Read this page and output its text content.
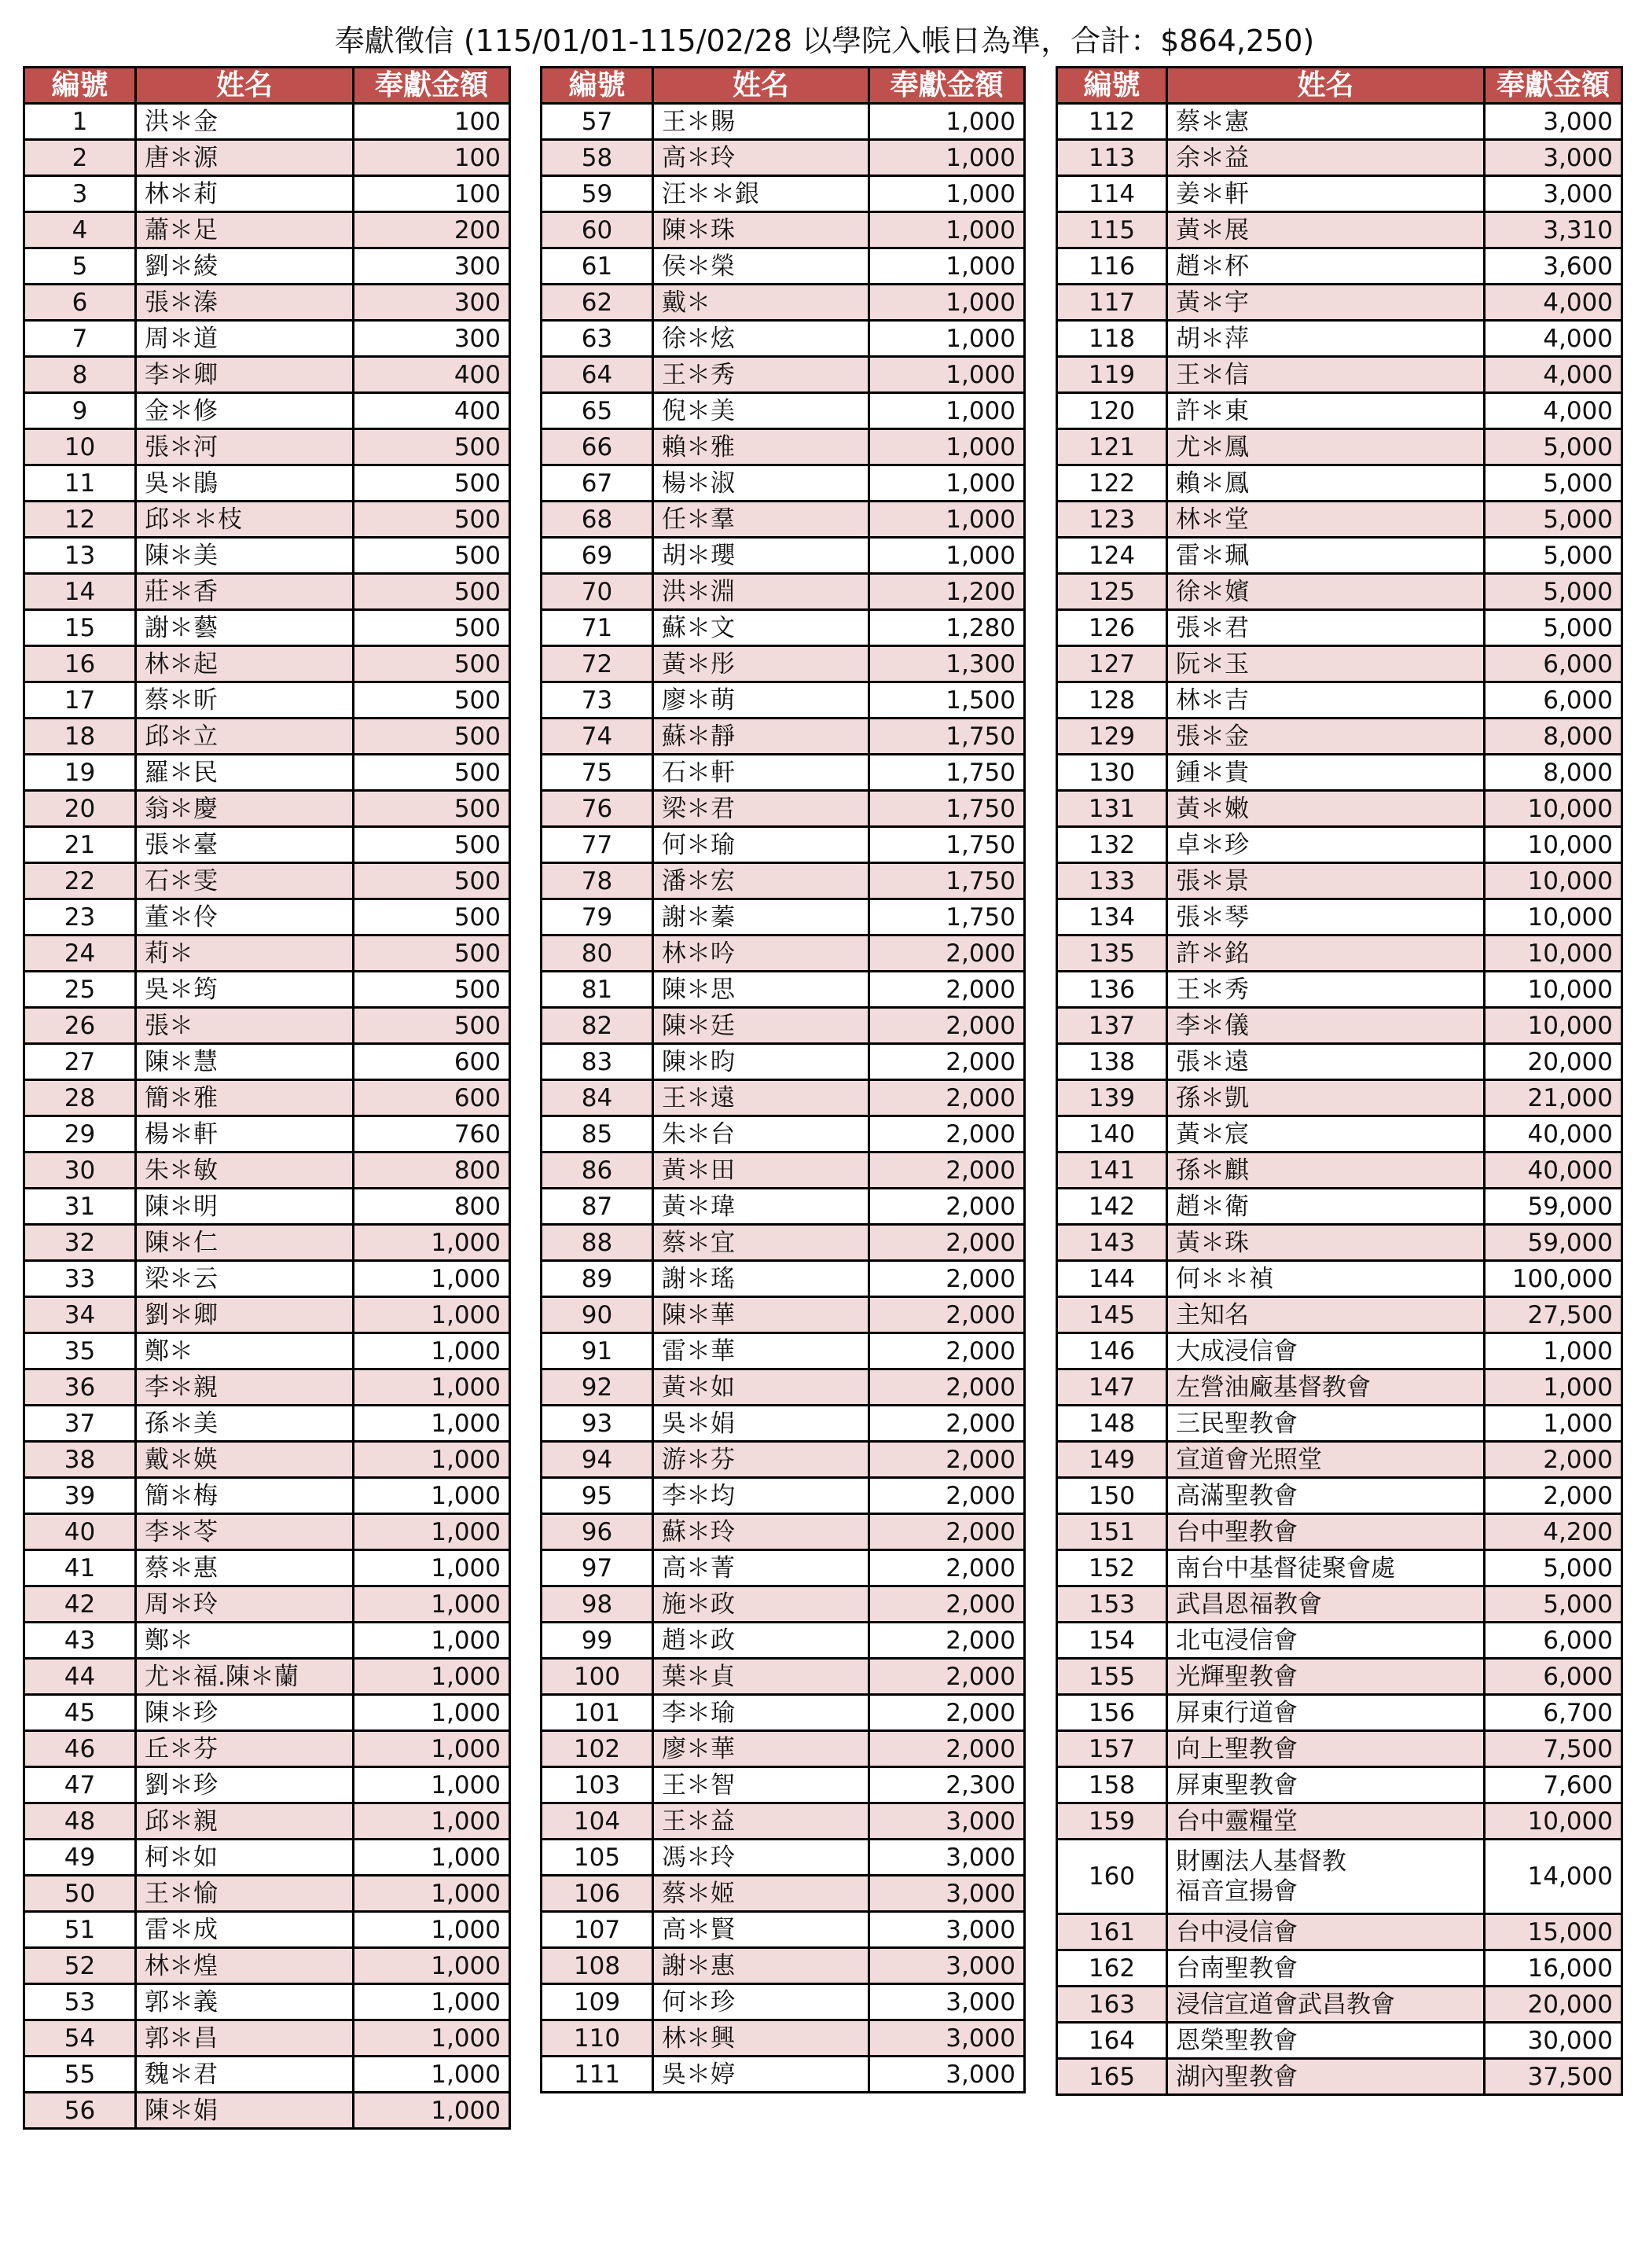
奉獻徵信 (115/01/01-115/02/28 以學院入帳日為準，合計：$864,250)
編號	姓名	奉獻金額
1	洪＊金	100
2	唐＊源	100
3	林＊莉	100
4	蕭＊足	200
5	劉＊綾	300
6	張＊溱	300
7	周＊道	300
8	李＊卿	400
9	金＊修	400
10	張＊河	500
11	吳＊鵑	500
12	邱＊＊枝	500
13	陳＊美	500
14	莊＊香	500
15	謝＊藝	500
16	林＊起	500
17	蔡＊昕	500
18	邱＊立	500
19	羅＊民	500
20	翁＊慶	500
21	張＊臺	500
22	石＊雯	500
23	董＊伶	500
24	莉＊	500
25	吳＊筠	500
26	張＊	500
27	陳＊慧	600
28	簡＊雅	600
29	楊＊軒	760
30	朱＊敏	800
31	陳＊明	800
32	陳＊仁	1,000
33	梁＊云	1,000
34	劉＊卿	1,000
35	鄭＊	1,000
36	李＊親	1,000
37	孫＊美	1,000
38	戴＊媖	1,000
39	簡＊梅	1,000
40	李＊苓	1,000
41	蔡＊惠	1,000
42	周＊玲	1,000
43	鄭＊	1,000
44	尤＊福.陳＊蘭	1,000
45	陳＊珍	1,000
46	丘＊芬	1,000
47	劉＊珍	1,000
48	邱＊親	1,000
49	柯＊如	1,000
50	王＊愉	1,000
51	雷＊成	1,000
52	林＊煌	1,000
53	郭＊義	1,000
54	郭＊昌	1,000
55	魏＊君	1,000
56	陳＊娟	1,000
編號	姓名	奉獻金額
57	王＊賜	1,000
58	高＊玲	1,000
59	汪＊＊銀	1,000
60	陳＊珠	1,000
61	侯＊榮	1,000
62	戴＊	1,000
63	徐＊炫	1,000
64	王＊秀	1,000
65	倪＊美	1,000
66	賴＊雅	1,000
67	楊＊淑	1,000
68	任＊羣	1,000
69	胡＊瓔	1,000
70	洪＊淵	1,200
71	蘇＊文	1,280
72	黃＊彤	1,300
73	廖＊萌	1,500
74	蘇＊靜	1,750
75	石＊軒	1,750
76	梁＊君	1,750
77	何＊瑜	1,750
78	潘＊宏	1,750
79	謝＊蓁	1,750
80	林＊吟	2,000
81	陳＊思	2,000
82	陳＊廷	2,000
83	陳＊昀	2,000
84	王＊遠	2,000
85	朱＊台	2,000
86	黃＊田	2,000
87	黃＊瑋	2,000
88	蔡＊宜	2,000
89	謝＊瑤	2,000
90	陳＊華	2,000
91	雷＊華	2,000
92	黃＊如	2,000
93	吳＊娟	2,000
94	游＊芬	2,000
95	李＊均	2,000
96	蘇＊玲	2,000
97	高＊菁	2,000
98	施＊政	2,000
99	趙＊政	2,000
100	葉＊貞	2,000
101	李＊瑜	2,000
102	廖＊華	2,000
103	王＊智	2,300
104	王＊益	3,000
105	馮＊玲	3,000
106	蔡＊姬	3,000
107	高＊賢	3,000
108	謝＊惠	3,000
109	何＊珍	3,000
110	林＊興	3,000
111	吳＊婷	3,000
編號	姓名	奉獻金額
112	蔡＊憲	3,000
113	余＊益	3,000
114	姜＊軒	3,000
115	黃＊展	3,310
116	趙＊杯	3,600
117	黃＊宇	4,000
118	胡＊萍	4,000
119	王＊信	4,000
120	許＊東	4,000
121	尤＊鳳	5,000
122	賴＊鳳	5,000
123	林＊堂	5,000
124	雷＊珮	5,000
125	徐＊嬪	5,000
126	張＊君	5,000
127	阮＊玉	6,000
128	林＊吉	6,000
129	張＊金	8,000
130	鍾＊貴	8,000
131	黃＊嫩	10,000
132	卓＊珍	10,000
133	張＊景	10,000
134	張＊琴	10,000
135	許＊銘	10,000
136	王＊秀	10,000
137	李＊儀	10,000
138	張＊遠	20,000
139	孫＊凱	21,000
140	黃＊宸	40,000
141	孫＊麒	40,000
142	趙＊衛	59,000
143	黃＊珠	59,000
144	何＊＊禎	100,000
145	主知名	27,500
146	大成浸信會	1,000
147	左營油廠基督教會	1,000
148	三民聖教會	1,000
149	宣道會光照堂	2,000
150	高滿聖教會	2,000
151	台中聖教會	4,200
152	南台中基督徒聚會處	5,000
153	武昌恩福教會	5,000
154	北屯浸信會	6,000
155	光輝聖教會	6,000
156	屏東行道會	6,700
157	向上聖教會	7,500
158	屏東聖教會	7,600
159	台中靈糧堂	10,000
160	財團法人基督教
福音宣揚會	14,000
161	台中浸信會	15,000
162	台南聖教會	16,000
163	浸信宣道會武昌教會	20,000
164	恩榮聖教會	30,000
165	湖內聖教會	37,500
